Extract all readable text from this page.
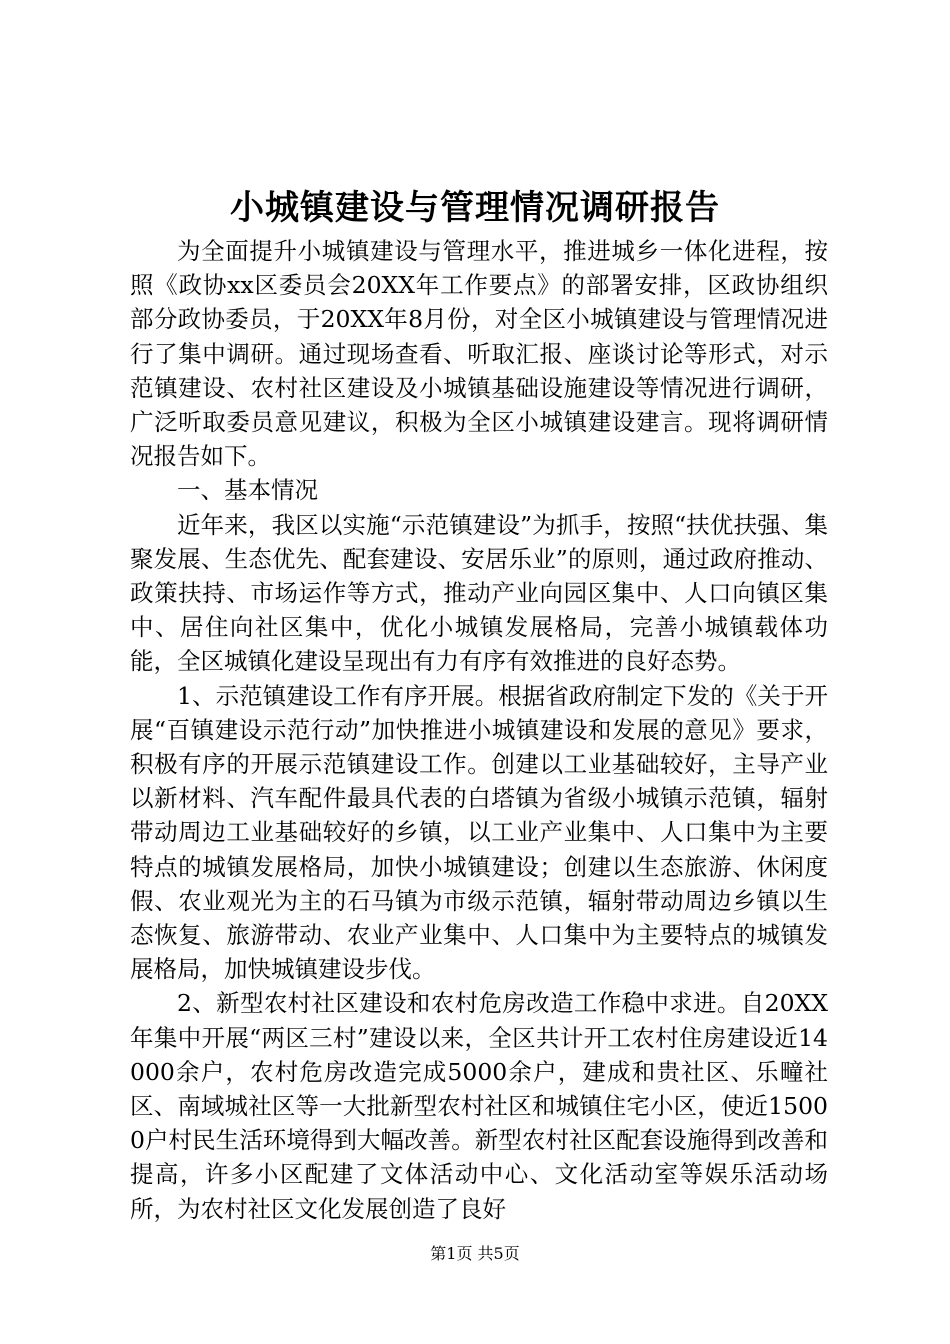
小城镇建设与管理情况调研报告

为全面提升小城镇建设与管理水平，推进城乡一体化进程，按照《政协xx区委员会20XX年工作要点》的部署安排，区政协组织部分政协委员，于20XX年8月份，对全区小城镇建设与管理情况进行了集中调研。通过现场查看、听取汇报、座谈讨论等形式，对示范镇建设、农村社区建设及小城镇基础设施建设等情况进行调研，广泛听取委员意见建议，积极为全区小城镇建设建言。现将调研情况报告如下。

一、基本情况

近年来，我区以实施“示范镇建设”为抓手，按照“扶优扶强、集聚发展、生态优先、配套建设、安居乐业”的原则，通过政府推动、政策扶持、市场运作等方式，推动产业向园区集中、人口向镇区集中、居住向社区集中，优化小城镇发展格局，完善小城镇载体功能，全区城镇化建设呈现出有力有序有效推进的良好态势。

1、示范镇建设工作有序开展。根据省政府制定下发的《关于开展“百镇建设示范行动”加快推进小城镇建设和发展的意见》要求，积极有序的开展示范镇建设工作。创建以工业基础较好，主导产业以新材料、汽车配件最具代表的白塔镇为省级小城镇示范镇，辐射带动周边工业基础较好的乡镇，以工业产业集中、人口集中为主要特点的城镇发展格局，加快小城镇建设；创建以生态旅游、休闲度假、农业观光为主的石马镇为市级示范镇，辐射带动周边乡镇以生态恢复、旅游带动、农业产业集中、人口集中为主要特点的城镇发展格局，加快城镇建设步伐。

2、新型农村社区建设和农村危房改造工作稳中求进。自20XX年集中开展“两区三村”建设以来，全区共计开工农村住房建设近14000余户，农村危房改造完成5000余户，建成和贵社区、乐疃社区、南域城社区等一大批新型农村社区和城镇住宅小区，使近15000户村民生活环境得到大幅改善。新型农村社区配套设施得到改善和提高，许多小区配建了文体活动中心、文化活动室等娱乐活动场所，为农村社区文化发展创造了良好

第1页 共5页
